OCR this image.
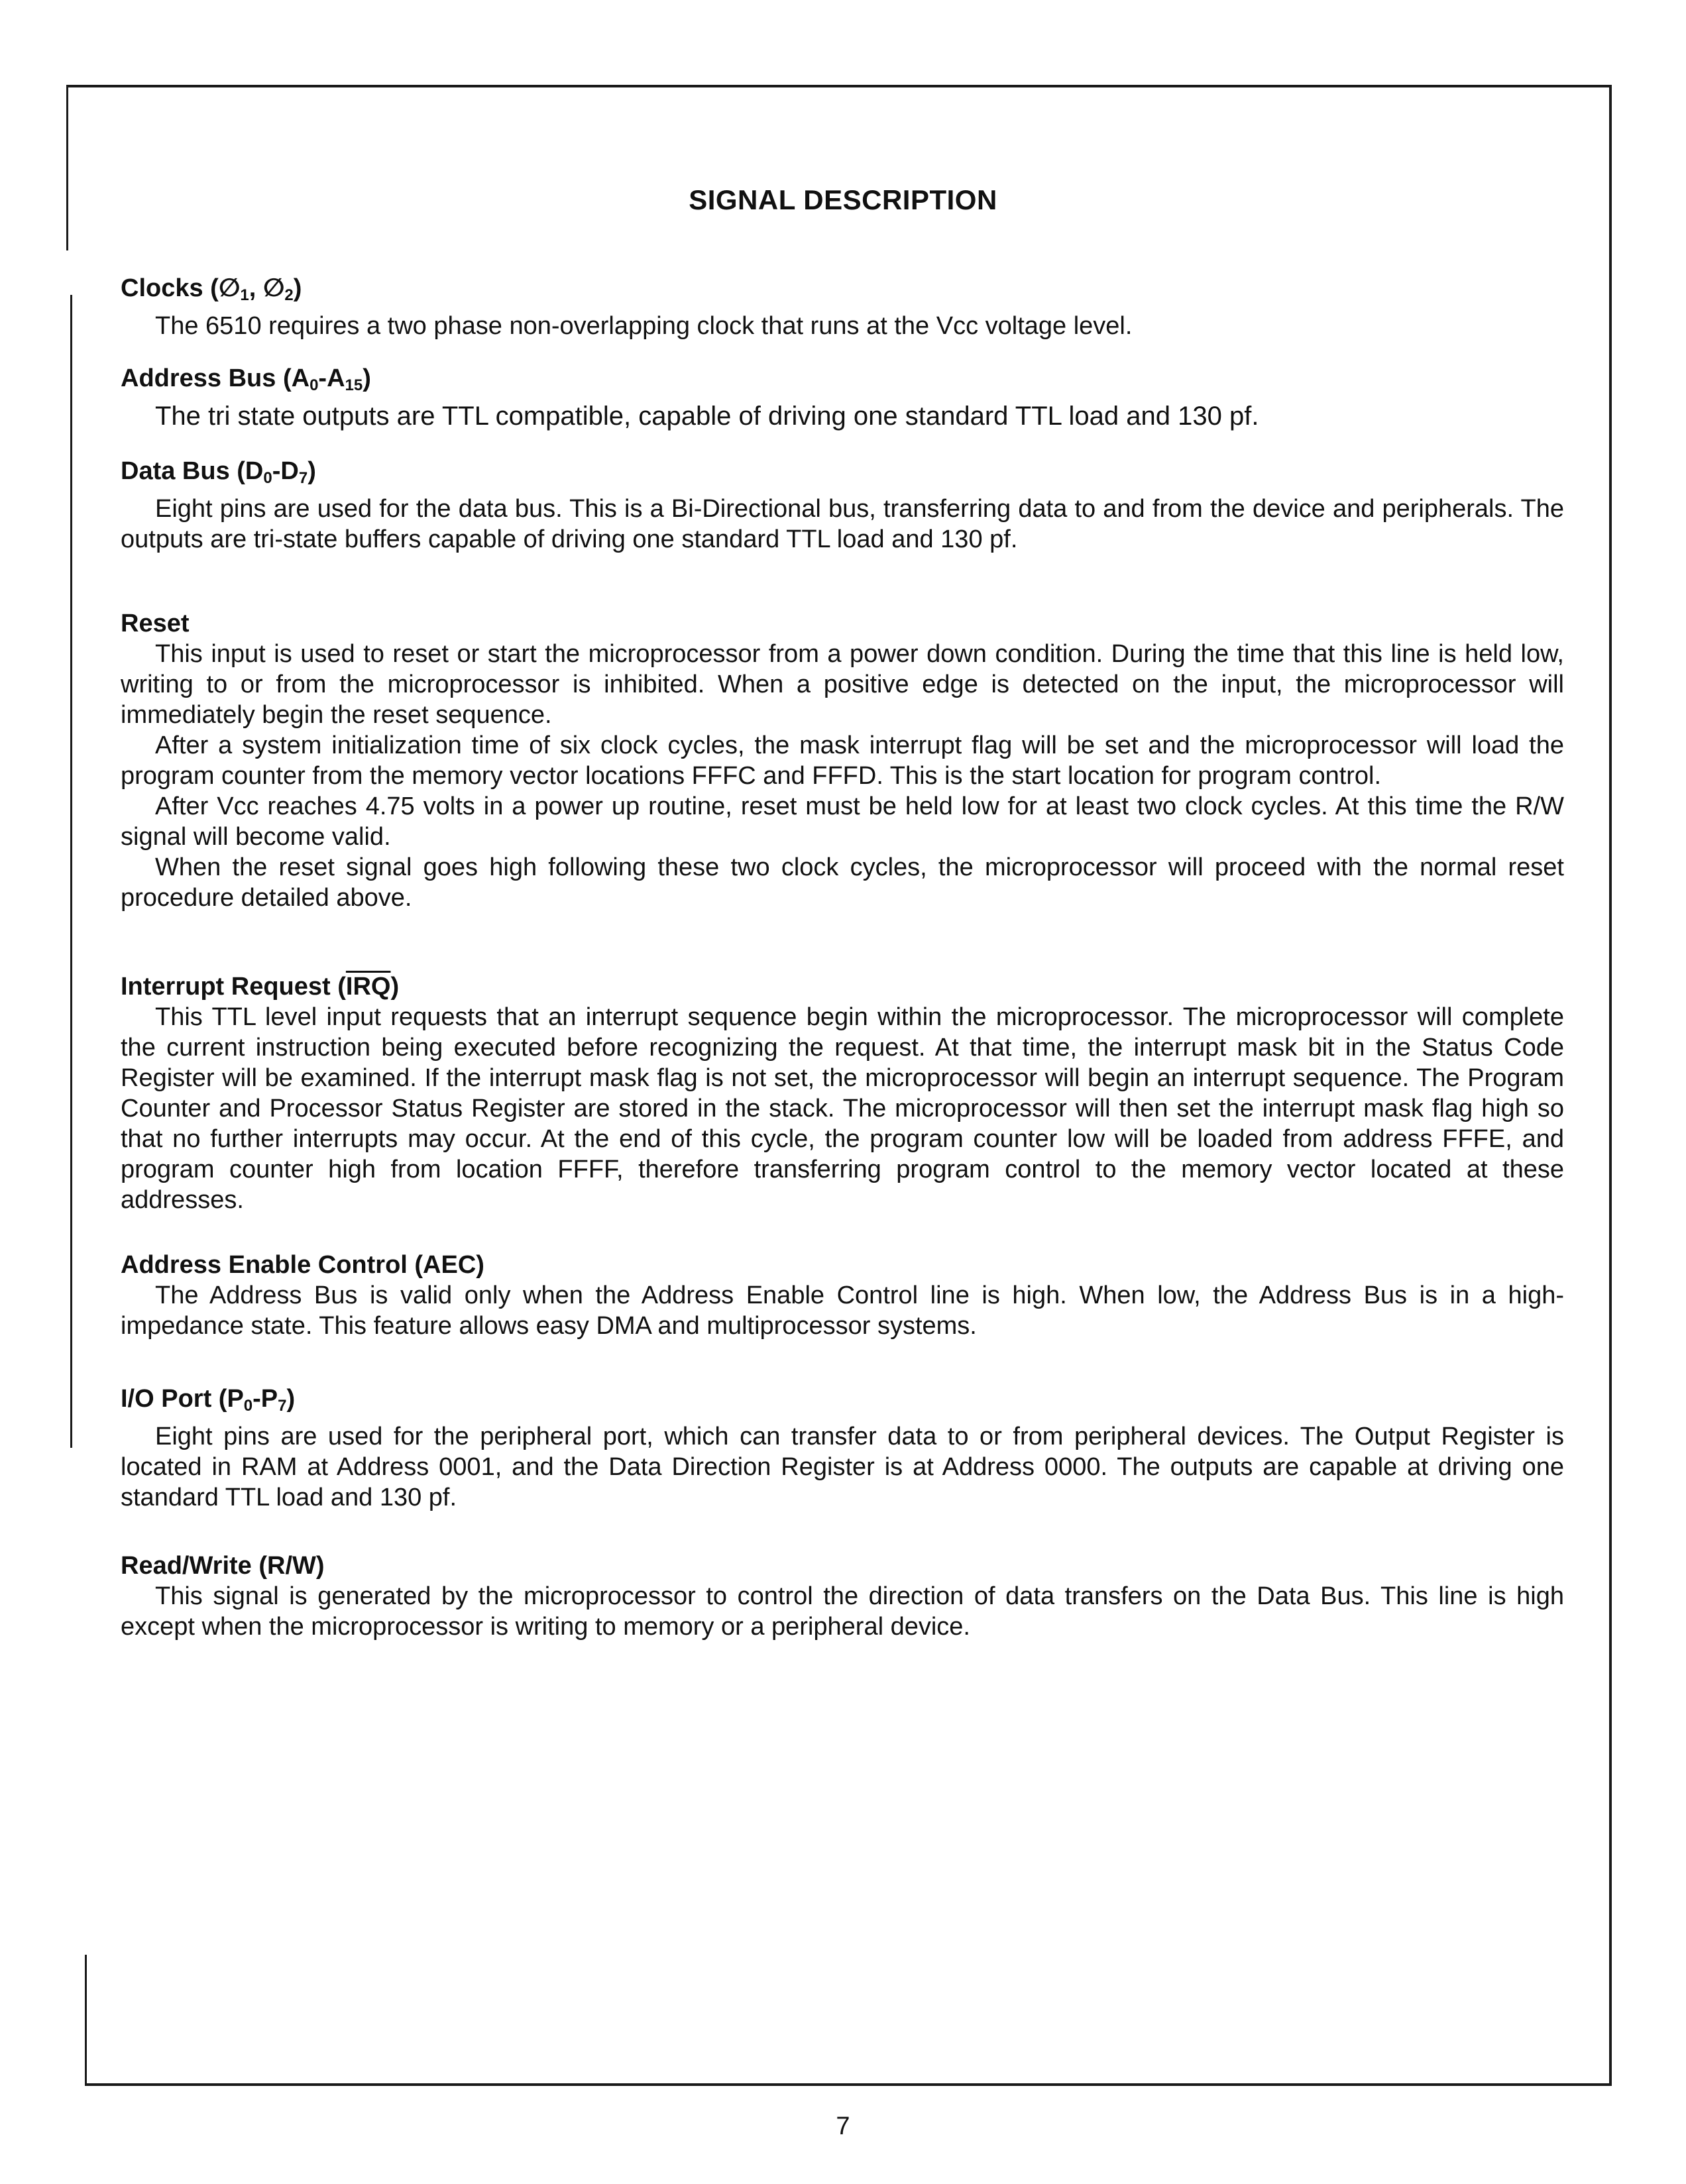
SIGNAL DESCRIPTION
Clocks ($\emptyset_1$, $\emptyset_2$)

The 6510 requires a two phase non-overlapping clock that runs at the Vcc voltage level.

Address Bus $(A_0-A_{15})$

The tri state outputs are TTL compatible, capable of driving one standard TTL load and 130 pf.

Data Bus $(D_0-D_7)$

Eight pins are used for the data bus. This is a Bi-Directional bus, transferring data to and from the device and peripherals. The outputs are tri-state buffers capable of driving one standard TTL load and 130 pf.

Reset

This input is used to reset or start the microprocessor from a power down condition. During the time that this line is held low, writing to or from the microprocessor is inhibited. When a positive edge is detected on the input, the microprocessor will immediately begin the reset sequence.

After a system initialization time of six clock cycles, the mask interrupt flag will be set and the microprocessor will load the program counter from the memory vector locations FFFC and FFFD. This is the start location for program control.

After Vcc reaches 4.75 volts in a power up routine, reset must be held low for at least two clock cycles. At this time the R/W signal will become valid.

When the reset signal goes high following these two clock cycles, the microprocessor will proceed with the normal reset procedure detailed above.

Interrupt Request $(\overline{IRQ})$

This TTL level input requests that an interrupt sequence begin within the microprocessor. The microprocessor will complete the current instruction being executed before recognizing the request. At that time, the interrupt mask bit in the Status Code Register will be examined. If the interrupt mask flag is not set, the microprocessor will begin an interrupt sequence. The Program Counter and Processor Status Register are stored in the stack. The microprocessor will then set the interrupt mask flag high so that no further interrupts may occur. At the end of this cycle, the program counter low will be loaded from address FFFE, and program counter high from location FFFF, therefore transferring program control to the memory vector located at these addresses.

Address Enable Control (AEC)

The Address Bus is valid only when the Address Enable Control line is high. When low, the Address Bus is in a high-impedance state. This feature allows easy DMA and multiprocessor systems.

I/O Port $(P_0-P_7)$

Eight pins are used for the peripheral port, which can transfer data to or from peripheral devices. The Output Register is located in RAM at Address 0001, and the Data Direction Register is at Address 0000. The outputs are capable at driving one standard TTL load and 130 pf.

Read/Write (R/W)

This signal is generated by the microprocessor to control the direction of data transfers on the Data Bus. This line is high except when the microprocessor is writing to memory or a peripheral device.

7
